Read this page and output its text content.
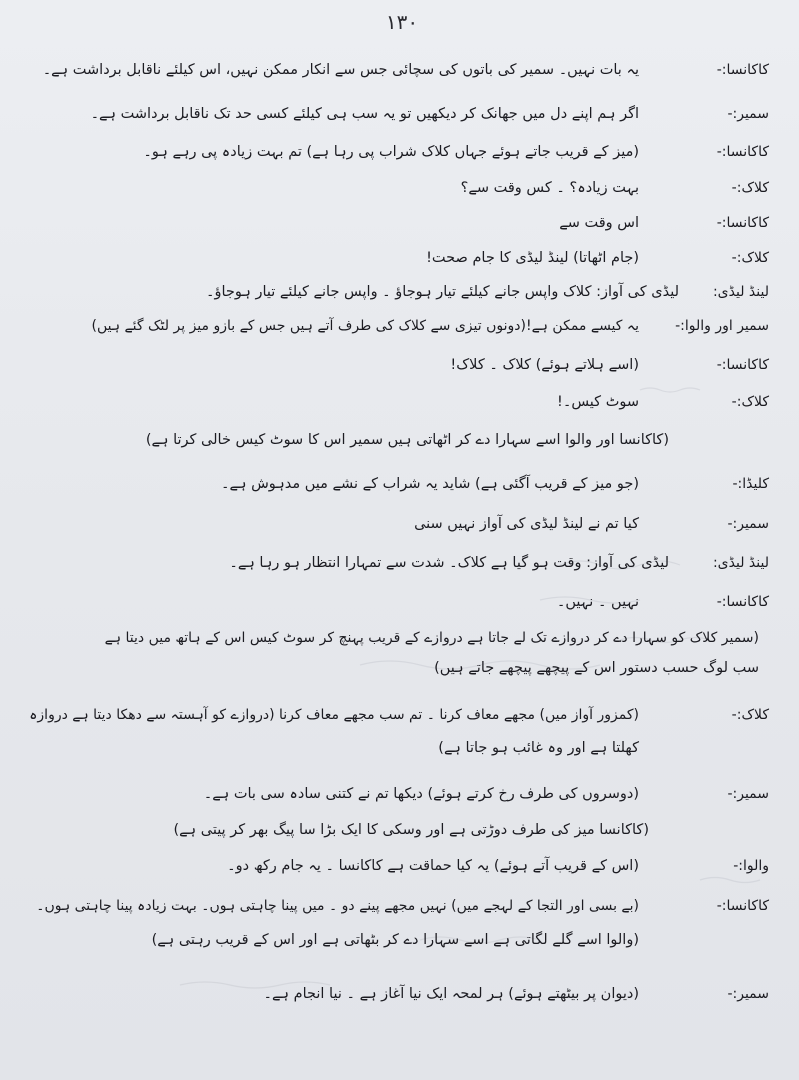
۱۳۰
کاکانسا:-
یہ بات نہیں۔ سمیر کی باتوں کی سچائی جس سے انکار ممکن نہیں، اس کیلئے ناقابل برداشت ہے۔
سمیر:-
اگر ہم اپنے دل میں جھانک کر دیکھیں تو یہ سب ہی کیلئے کسی حد تک ناقابل برداشت ہے۔
کاکانسا:-
(میز کے قریب جاتے ہوئے جہاں کلاک شراب پی رہا ہے) تم بہت زیادہ پی رہے ہو۔
کلاک:-
بہت زیادہ؟ ۔ کس وقت سے؟
کاکانسا:-
اس وقت سے
کلاک:-
(جام اٹھاتا) لینڈ لیڈی کا جام صحت!
لینڈ لیڈی:
لیڈی کی آواز: کلاک واپس جانے کیلئے تیار ہوجاؤ ۔ واپس جانے کیلئے تیار ہوجاؤ۔
سمیر اور والوا:-
یہ کیسے ممکن ہے!(دونوں تیزی سے کلاک کی طرف آتے ہیں جس کے بازو میز پر لٹک گئے ہیں)
کاکانسا:-
(اسے ہلاتے ہوئے) کلاک ۔ کلاک!
کلاک:-
سوٹ کیس۔!
(کاکانسا اور والوا اسے سہارا دے کر اٹھاتی ہیں سمیر اس کا سوٹ کیس خالی کرتا ہے)
کلیڈا:-
(جو میز کے قریب آگئی ہے) شاید یہ شراب کے نشے میں مدہوش ہے۔
سمیر:-
کیا تم نے لینڈ لیڈی کی آواز نہیں سنی
لینڈ لیڈی:
لیڈی کی آواز: وقت ہو گیا ہے کلاک۔ شدت سے تمہارا انتظار ہو رہا ہے۔
کاکانسا:-
نہیں ۔ نہیں۔
(سمیر کلاک کو سہارا دے کر دروازے تک لے جاتا ہے دروازے کے قریب پہنچ کر سوٹ کیس اس کے ہاتھ میں دیتا ہے
سب لوگ حسب دستور اس کے پیچھے پیچھے جاتے ہیں)
کلاک:-
(کمزور آواز میں) مجھے معاف کرنا ۔ تم سب مجھے معاف کرنا (دروازے کو آہستہ سے دھکا دیتا ہے دروازہ
کھلتا ہے اور وہ غائب ہو جاتا ہے)
سمیر:-
(دوسروں کی طرف رخ کرتے ہوئے) دیکھا تم نے کتنی سادہ سی بات ہے۔
(کاکانسا میز کی طرف دوڑتی ہے اور وسکی کا ایک بڑا سا پیگ بھر کر پیتی ہے)
والوا:-
(اس کے قریب آتے ہوئے) یہ کیا حماقت ہے کاکانسا ۔ یہ جام رکھ دو۔
کاکانسا:-
(بے بسی اور التجا کے لہجے میں) نہیں مجھے پینے دو ۔ میں پینا چاہتی ہوں۔ بہت زیادہ پینا چاہتی ہوں۔
(والوا اسے گلے لگاتی ہے اسے سہارا دے کر بٹھاتی ہے اور اس کے قریب رہتی ہے)
سمیر:-
(دیوان پر بیٹھتے ہوئے) ہر لمحہ ایک نیا آغاز ہے ۔ نیا انجام ہے۔
